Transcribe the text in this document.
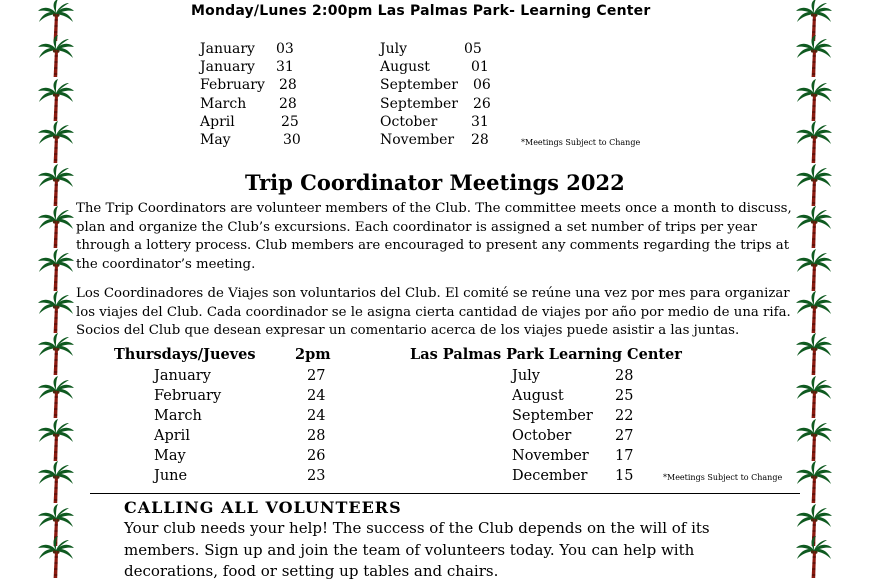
Monday/Lunes 2:00pm Las Palmas Park- Learning Center
January 03
January 31
February 28
March 28
April	25
May	30
July	05
August	01
September 06
September 26
October 31
November 28	*Meetings Subject to Change
Trip Coordinator Meetings 2022
The Trip Coordinators are volunteer members of the Club. The committee meets once a month to discuss, plan and organize the Club’s excursions. Each coordinator is assigned a set number of trips per year through a lottery process. Club members are encouraged to present any comments regarding the trips at the coordinator’s meeting.
Los Coordinadores de Viajes son voluntarios del Club. El comité se reúne una vez por mes para organizar los viajes del Club. Cada coordinador se le asigna cierta cantidad de viajes por año por medio de una rifa. Socios del Club que desean expresar un comentario acerca de los viajes puede asistir a las juntas.
Thursdays/Jueves	2pm	Las Palmas Park Learning Center
January	27
February	24
March	24
April	28
May	26
June	23
July	28
August	25
September 22
October	27
November 17
December 15	*Meetings Subject to Change
CALLING ALL VOLUNTEERS
Your club needs your help! The success of the Club depends on the will of its members. Sign up and join the team of volunteers today. You can help with decorations, food or setting up tables and chairs.
